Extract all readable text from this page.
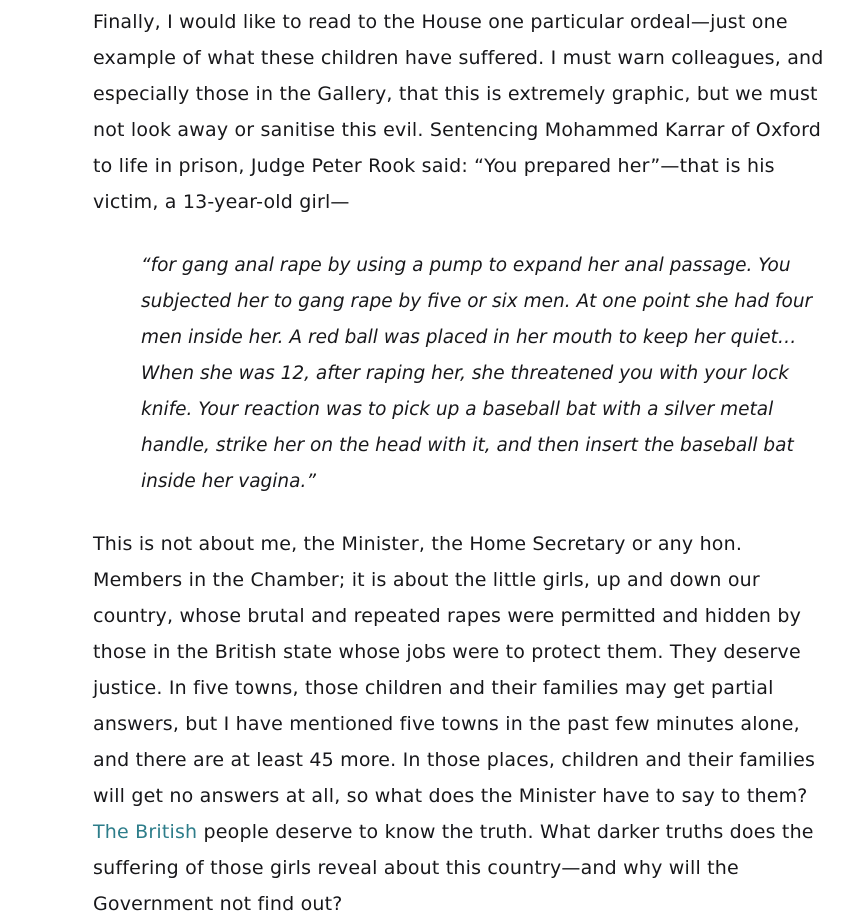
Finally, I would like to read to the House one particular ordeal—just one example of what these children have suffered. I must warn colleagues, and especially those in the Gallery, that this is extremely graphic, but we must not look away or sanitise this evil. Sentencing Mohammed Karrar of Oxford to life in prison, Judge Peter Rook said: “You prepared her”—that is his victim, a 13-year-old girl—

“for gang anal rape by using a pump to expand her anal passage. You subjected her to gang rape by five or six men. At one point she had four men inside her. A red ball was placed in her mouth to keep her quiet… When she was 12, after raping her, she threatened you with your lock knife. Your reaction was to pick up a baseball bat with a silver metal handle, strike her on the head with it, and then insert the baseball bat inside her vagina.”

This is not about me, the Minister, the Home Secretary or any hon. Members in the Chamber; it is about the little girls, up and down our country, whose brutal and repeated rapes were permitted and hidden by those in the British state whose jobs were to protect them. They deserve justice. In five towns, those children and their families may get partial answers, but I have mentioned five towns in the past few minutes alone, and there are at least 45 more. In those places, children and their families will get no answers at all, so what does the Minister have to say to them? The British people deserve to know the truth. What darker truths does the suffering of those girls reveal about this country—and why will the Government not find out?
